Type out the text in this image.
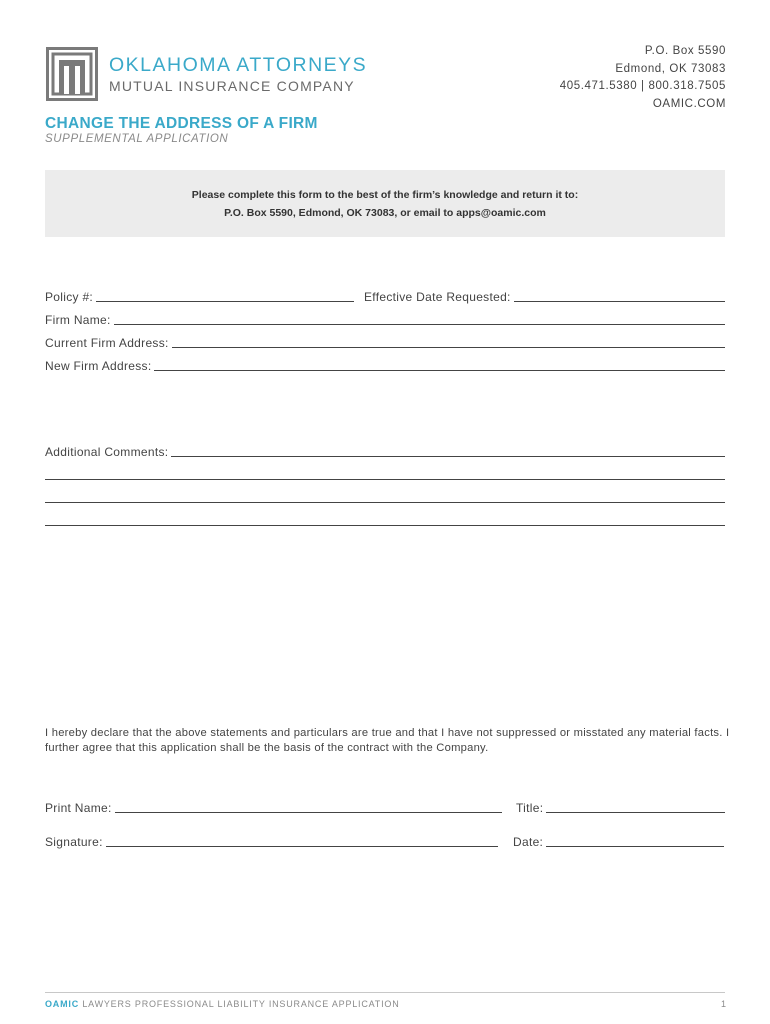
OKLAHOMA ATTORNEYS
MUTUAL INSURANCE COMPANY
P.O. Box 5590
Edmond, OK 73083
405.471.5380 | 800.318.7505
OAMIC.COM
CHANGE THE ADDRESS OF A FIRM
SUPPLEMENTAL APPLICATION
Please complete this form to the best of the firm’s knowledge and return it to:
P.O. Box 5590, Edmond, OK 73083, or email to apps@oamic.com
Policy #:	Effective Date Requested:
Firm Name:
Current Firm Address:
New Firm Address:
Additional Comments:
I hereby declare that the above statements and particulars are true and that I have not suppressed or misstated any material facts. I further agree that this application shall be the basis of the contract with the Company.
Print Name:	Title:
Signature:	Date:
OAMIC LAWYERS PROFESSIONAL LIABILITY INSURANCE APPLICATION	1
